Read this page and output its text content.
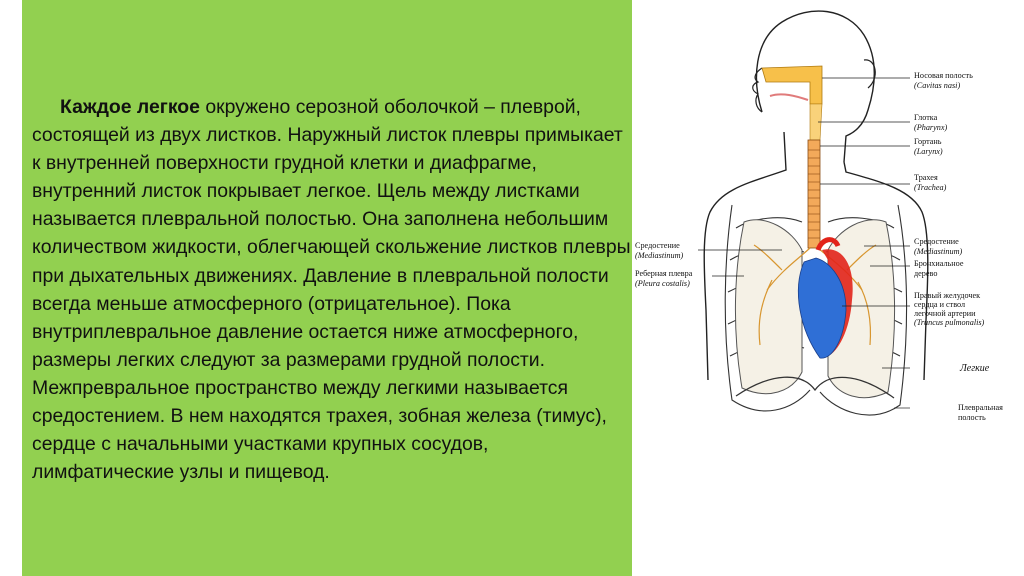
Каждое легкое окружено серозной оболочкой – плеврой, состоящей из двух листков. Наружный листок плевры примыкает к внутренней поверхности грудной клетки и диафрагме, внутренний листок покрывает легкое. Щель между листками называется плевральной полостью. Она заполнена небольшим количеством жидкости, облегчающей скольжение листков плевры при дыхательных движениях. Давление в плевральной полости всегда меньше атмосферного (отрицательное). Пока внутриплевральное давление остается ниже атмосферного, размеры легких следуют за размерами грудной полости. Межпревральное пространство между легкими называется средостением. В нем находятся трахея, зобная железа (тимус), сердце с начальными участками крупных сосудов, лимфатические узлы и пищевод.

Носовая полость
(Cavitas nasi)
Глотка
(Pharynx)
Гортань
(Larynx)
Трахея
(Trachea)
Средостение
(Mediastinum)
Бронхиальное
дерево
Правый желудочек
сердца и ствол
легочной артерии
(Truncus pulmonalis)
Легкие
Плевральная
полость
Средостение
(Mediastinum)
Реберная плевра
(Pleura costalis)
